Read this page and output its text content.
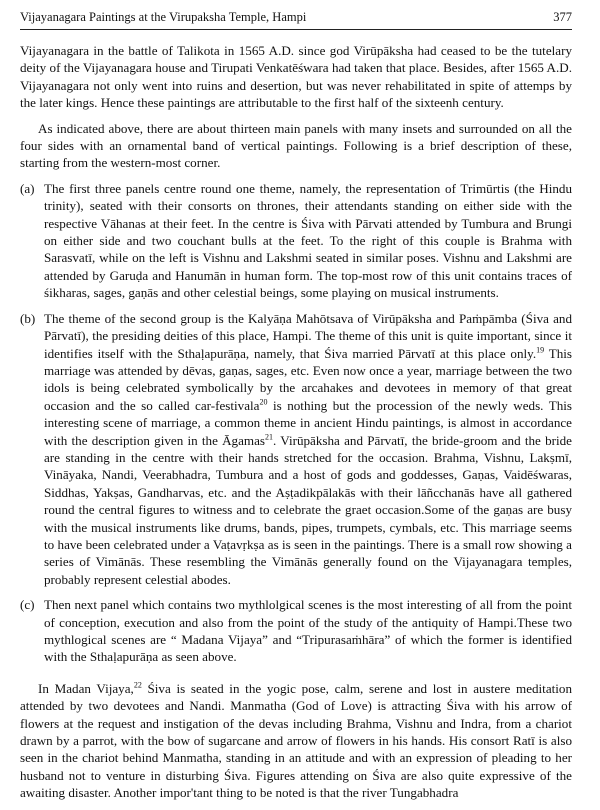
Vijayanagara Paintings at the Virupaksha Temple, Hampi	377

Vijayanagara in the battle of Talikota in 1565 A.D. since god Virūpāksha had ceased to be the tutelary deity of the Vijayanagara house and Tirupati Venkatēśwara had taken that place. Besides, after 1565 A.D. Vijayanagara not only went into ruins and desertion, but was never rehabilitated in spite of attemps by the later kings. Hence these paintings are attributable to the first half of the sixteenh century.

As indicated above, there are about thirteen main panels with many insets and surrounded on all the four sides with an ornamental band of vertical paintings. Following is a brief description of these, starting from the western-most corner.

(a) The first three panels centre round one theme, namely, the representation of Trimūrtis (the Hindu trinity), seated with their consorts on thrones, their attendants standing on either side with the respective Vāhanas at their feet. In the centre is Śiva with Pārvati attended by Tumbura and Brungi on either side and two couchant bulls at the feet. To the right of this couple is Brahma with Sarasvatī, while on the left is Vishnu and Lakshmi seated in similar poses. Vishnu and Lakshmi are attended by Garuḍa and Hanumān in human form. The top-most row of this unit contains traces of śikharas, sages, gaṇās and other celestial beings, some playing on musical instruments.
(b) The theme of the second group is the Kalyāṇa Mahōtsava of Virūpāksha and Paṁpāmba (Śiva and Pārvatī), the presiding deities of this place, Hampi. The theme of this unit is quite important, since it identifies itself with the Sthaḷapurāṇa, namely, that Śiva married Pārvatī at this place only.$^{19}$ This marriage was attended by dēvas, gaṇas, sages, etc. Even now once a year, marriage between the two idols is being celebrated symbolically by the arcahakes and devotees in memory of that great occasion and the so called car-festivala$^{20}$ is nothing but the procession of the newly weds. This interesting scene of marriage, a common theme in ancient Hindu paintings, is almost in accordance with the description given in the Āgamas$^{21}$. Virūpāksha and Pārvatī, the bride-groom and the bride are standing in the centre with their hands stretched for the occasion. Brahma, Vishnu, Lakṣmī, Vināyaka, Nandi, Veerabhadra, Tumbura and a host of gods and goddesses, Gaṇas, Vaidēśwaras, Siddhas, Yakṣas, Gandharvas, etc. and the Aṣṭadikpālakās with their lāñcchanās have all gathered round the central figures to witness and to celebrate the graet occasion.Some of the gaṇas are busy with the musical instruments like drums, bands, pipes, trumpets, cymbals, etc. This marriage seems to have been celebrated under a Vaṭavṛkṣa as is seen in the paintings. There is a small row showing a series of Vimānās. These resembling the Vimānās generally found on the Vijayanagara temples, probably represent celestial abodes.
(c) Then next panel which contains two mythlolgical scenes is the most interesting of all from the point of conception, execution and also from the point of the study of the antiquity of Hampi.These two mythlogical scenes are “ Madana Vijaya” and “Tripurasaṁhāra” of which the former is identified with the Sthaḷapurāṇa as seen above.

In Madan Vijaya,$^{22}$ Śiva is seated in the yogic pose, calm, serene and lost in austere meditation attended by two devotees and Nandi. Manmatha (God of Love) is attracting Śiva with his arrow of flowers at the request and instigation of the devas including Brahma, Vishnu and Indra, from a chariot drawn by a parrot, with the bow of sugarcane and arrow of flowers in his hands. His consort Ratī is also seen in the chariot behind Manmatha, standing in an attitude and with an expression of pleading to her husband not to venture in disturbing Śiva. Figures attending on Śiva are also quite expressive of the awaiting disaster. Another impor'tant thing to be noted is that the river Tungabhadra
